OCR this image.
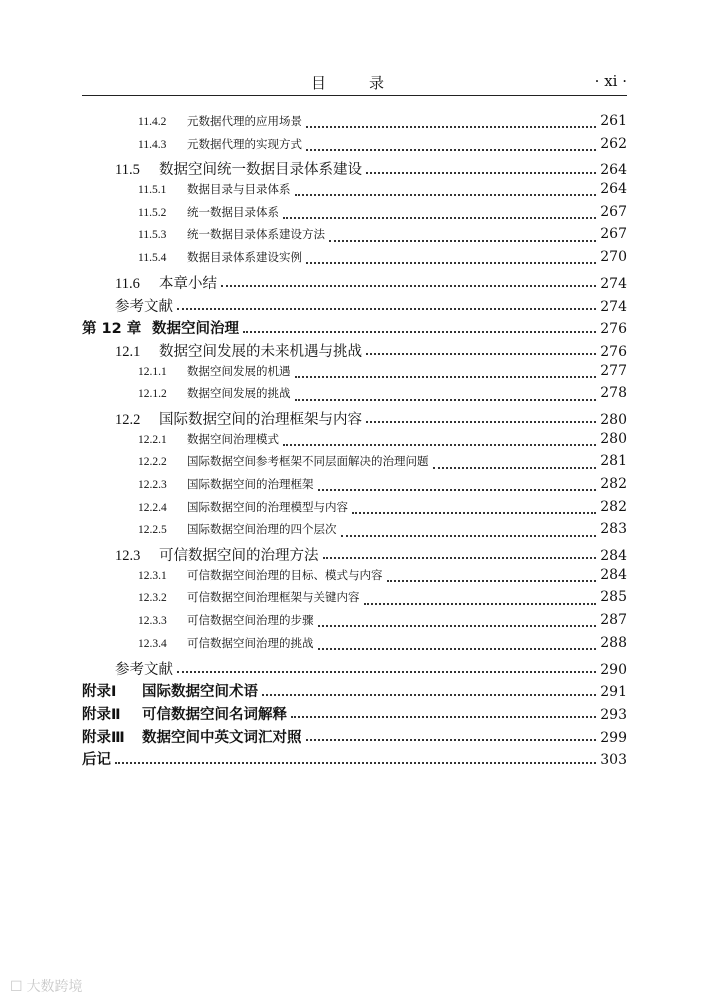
目　录	· xi ·
11.4.2	元数据代理的应用场景	261
11.4.3	元数据代理的实现方式	262
11.5	数据空间统一数据目录体系建设	264
11.5.1	数据目录与目录体系	264
11.5.2	统一数据目录体系	267
11.5.3	统一数据目录体系建设方法	267
11.5.4	数据目录体系建设实例	270
11.6	本章小结	274
参考文献	274
第 12 章 数据空间治理	276
12.1	数据空间发展的未来机遇与挑战	276
12.1.1	数据空间发展的机遇	277
12.1.2	数据空间发展的挑战	278
12.2	国际数据空间的治理框架与内容	280
12.2.1	数据空间治理模式	280
12.2.2	国际数据空间参考框架不同层面解决的治理问题	281
12.2.3	国际数据空间的治理框架	282
12.2.4	国际数据空间的治理模型与内容	282
12.2.5	国际数据空间治理的四个层次	283
12.3	可信数据空间的治理方法	284
12.3.1	可信数据空间治理的目标、模式与内容	284
12.3.2	可信数据空间治理框架与关键内容	285
12.3.3	可信数据空间治理的步骤	287
12.3.4	可信数据空间治理的挑战	288
参考文献	290
附录Ⅰ	国际数据空间术语	291
附录Ⅱ	可信数据空间名词解释	293
附录Ⅲ	数据空间中英文词汇对照	299
后记	303
☐ 大数跨境
